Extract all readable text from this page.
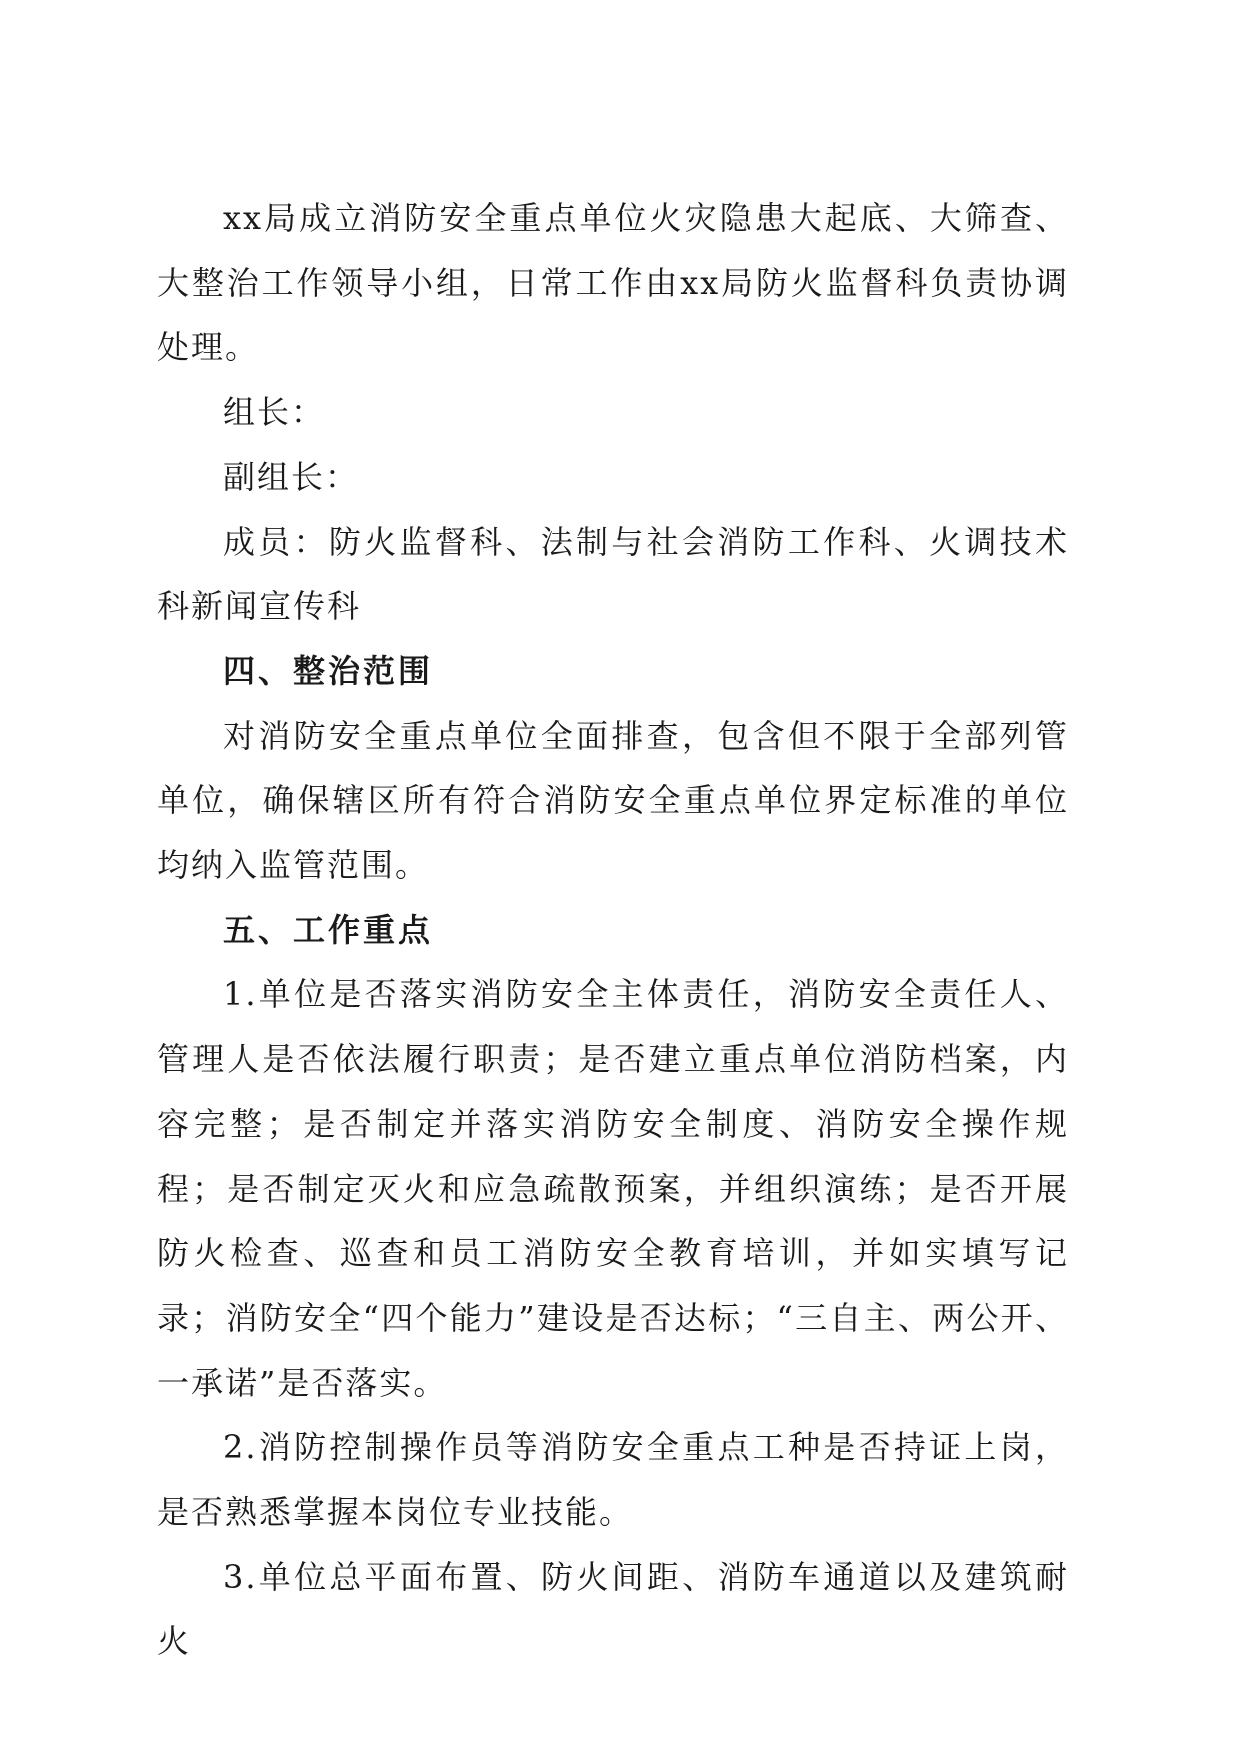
xx局成立消防安全重点单位火灾隐患大起底、大筛查、大整治工作领导小组，日常工作由xx局防火监督科负责协调处理。

组长：

副组长：

成员：防火监督科、法制与社会消防工作科、火调技术科新闻宣传科

四、整治范围

对消防安全重点单位全面排查，包含但不限于全部列管单位，确保辖区所有符合消防安全重点单位界定标准的单位均纳入监管范围。

五、工作重点

1.单位是否落实消防安全主体责任，消防安全责任人、管理人是否依法履行职责；是否建立重点单位消防档案，内容完整；是否制定并落实消防安全制度、消防安全操作规程；是否制定灭火和应急疏散预案，并组织演练；是否开展防火检查、巡查和员工消防安全教育培训，并如实填写记录；消防安全“四个能力”建设是否达标；“三自主、两公开、一承诺”是否落实。

2.消防控制操作员等消防安全重点工种是否持证上岗，是否熟悉掌握本岗位专业技能。

3.单位总平面布置、防火间距、消防车通道以及建筑耐火
